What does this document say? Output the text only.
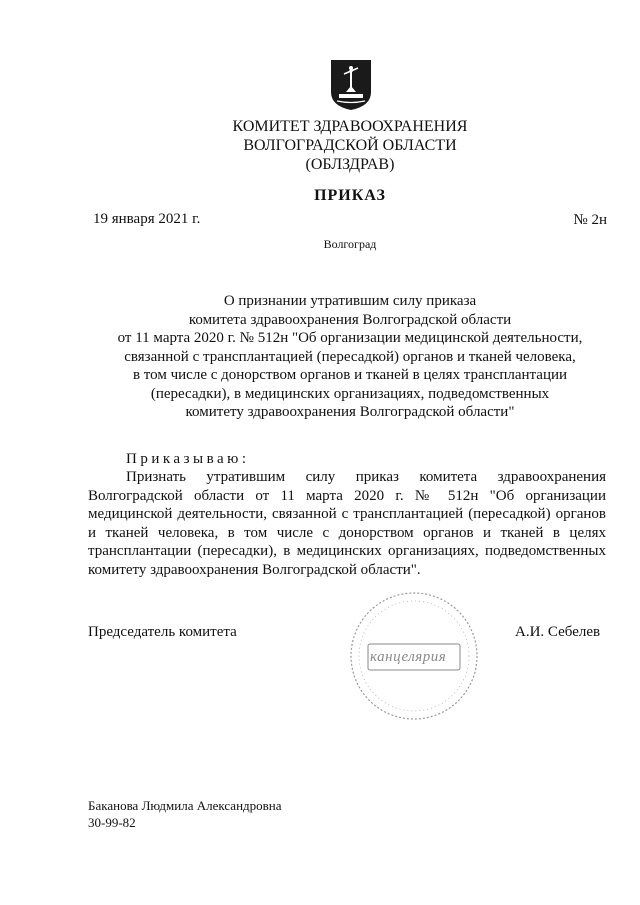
КОМИТЕТ ЗДРАВООХРАНЕНИЯ
ВОЛГОГРАДСКОЙ ОБЛАСТИ
(ОБЛЗДРАВ)
ПРИКАЗ
19 января 2021 г.	№ 2н
Волгоград
О признании утратившим силу приказа
комитета здравоохранения Волгоградской области
от 11 марта 2020 г. № 512н "Об организации медицинской деятельности,
связанной с трансплантацией (пересадкой) органов и тканей человека,
в том числе с донорством органов и тканей в целях трансплантации
(пересадки), в медицинских организациях, подведомственных
комитету здравоохранения Волгоградской области"
Приказываю:
Признать утратившим силу приказ комитета здравоохранения Волгоградской области от 11 марта 2020 г. № 512н "Об организации медицинской деятельности, связанной с трансплантацией (пересадкой) органов и тканей человека, в том числе с донорством органов и тканей в целях трансплантации (пересадки), в медицинских организациях, подведомственных комитету здравоохранения Волгоградской области".
канцелярия
Председатель комитета	А.И. Себелев
Баканова Людмила Александровна
30-99-82
